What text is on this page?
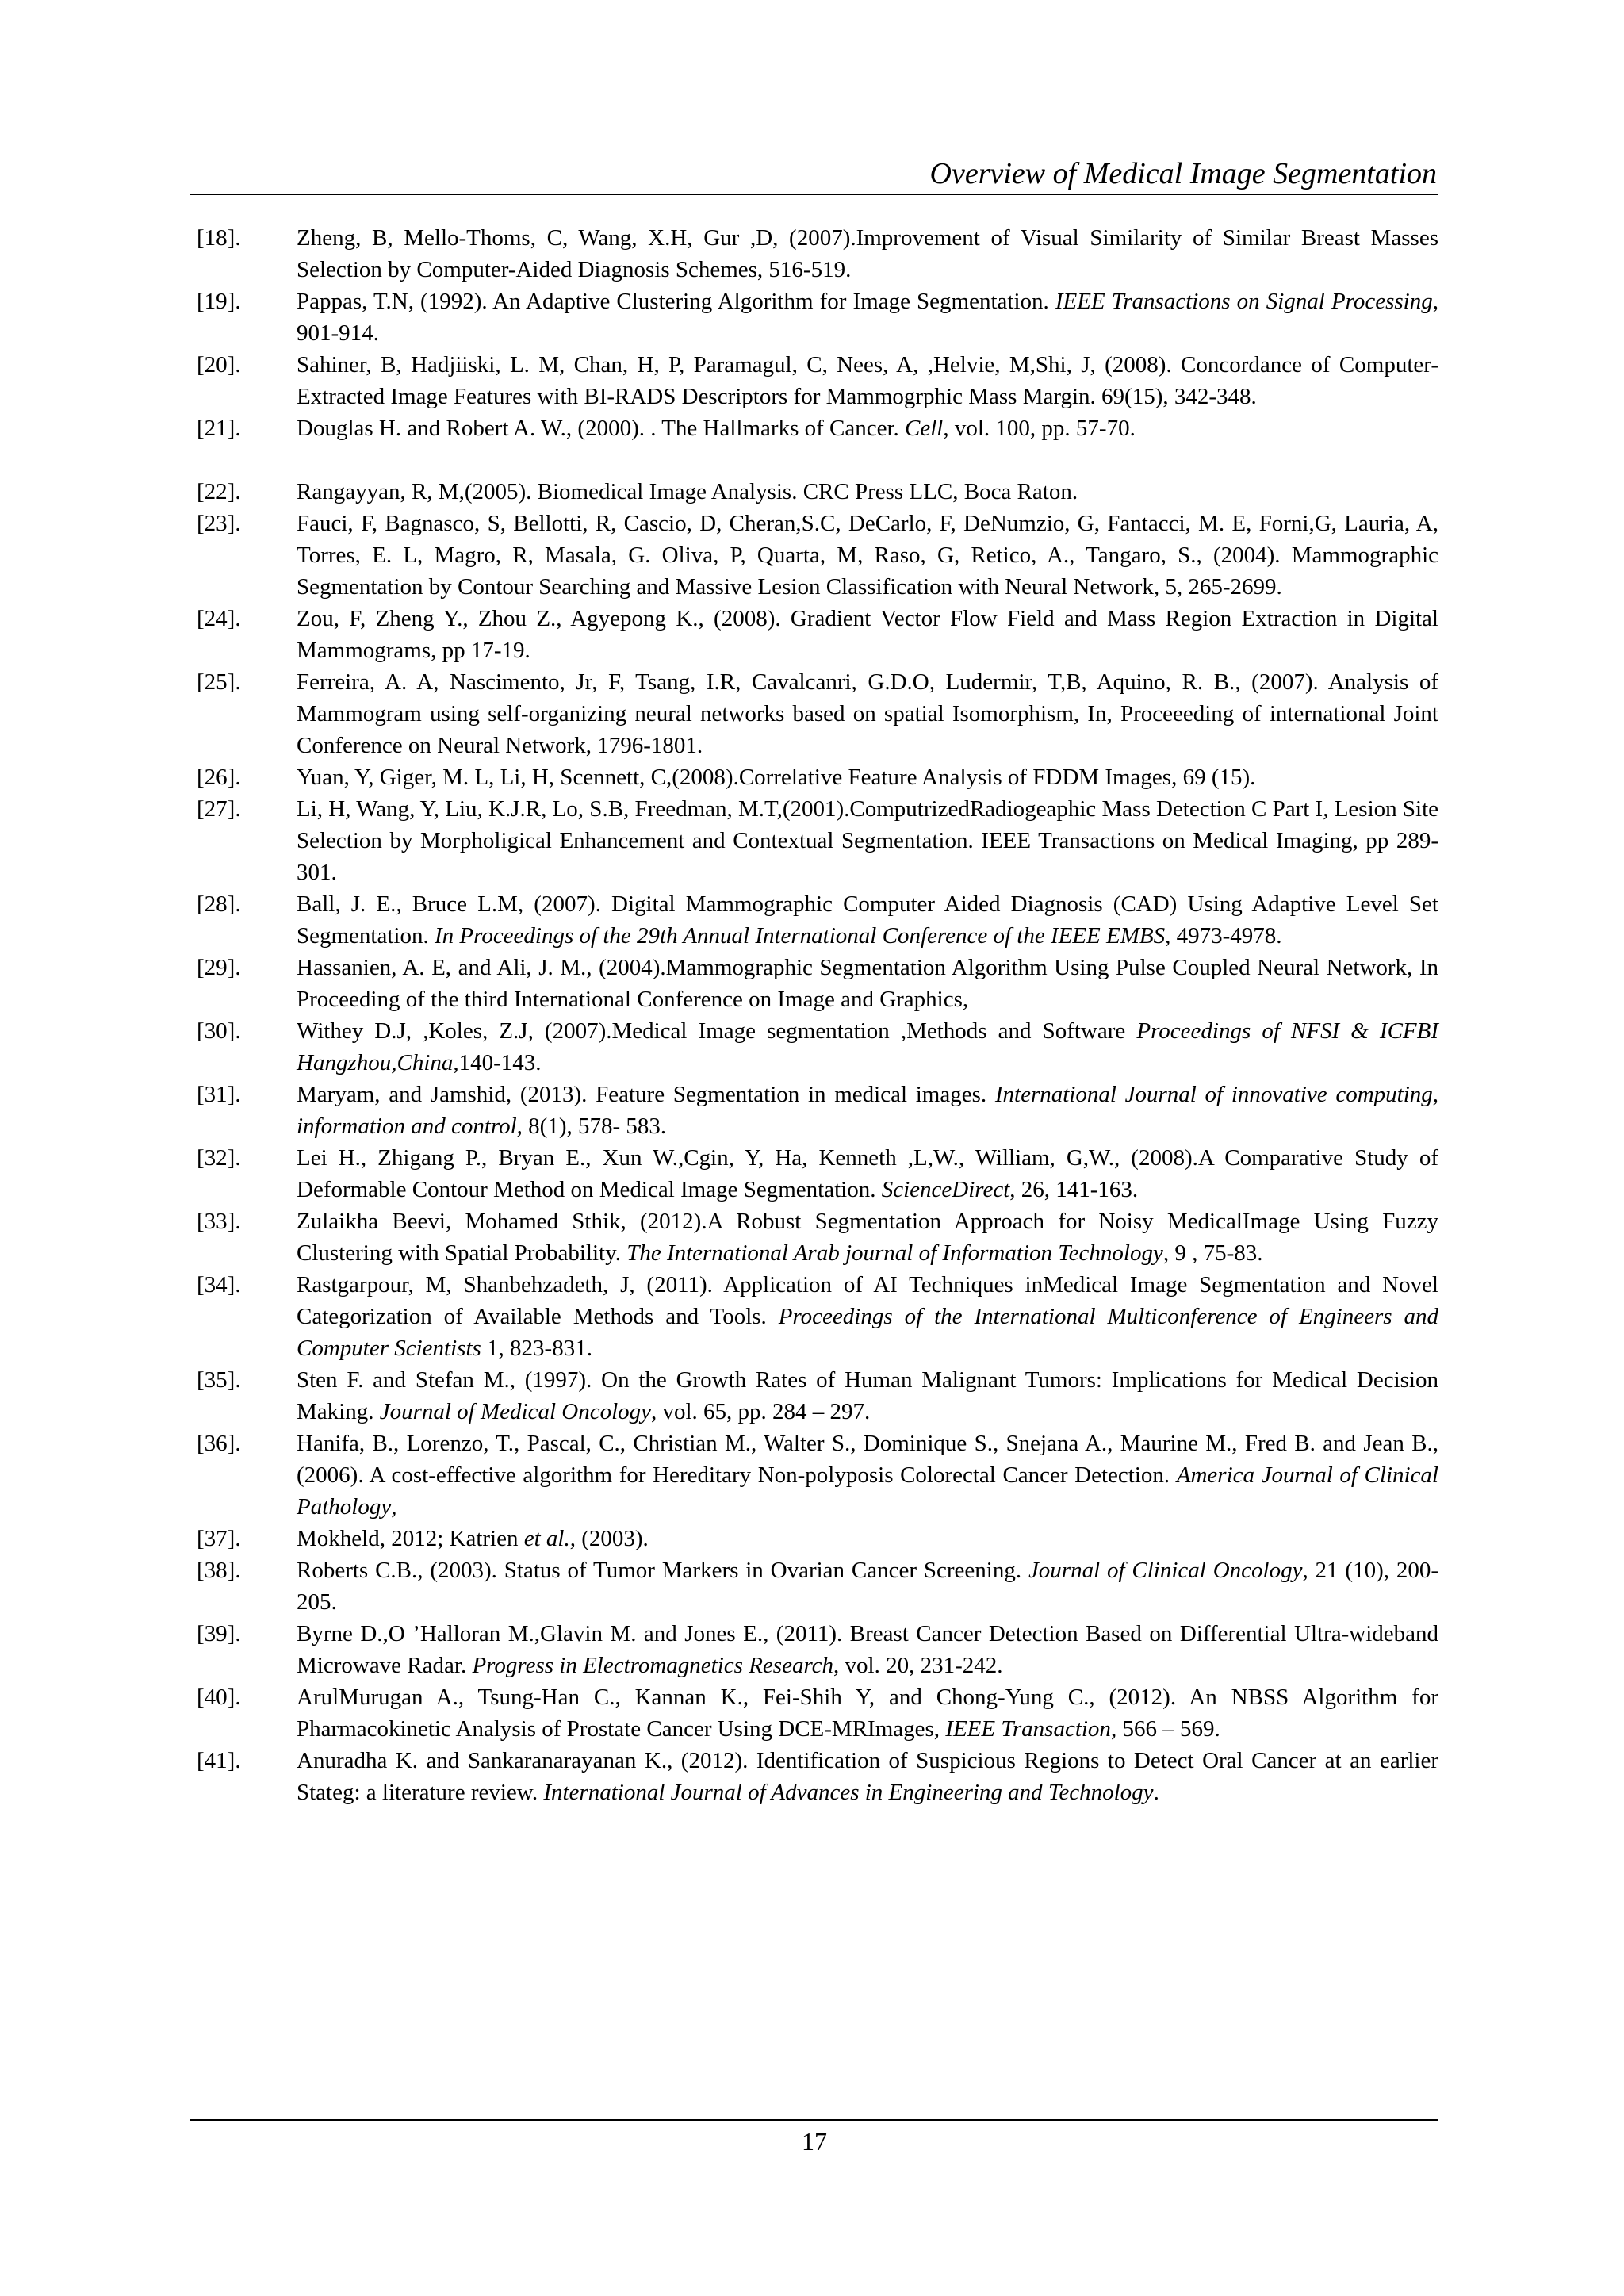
Overview of Medical Image Segmentation
[18].	Zheng, B, Mello-Thoms, C, Wang, X.H, Gur ,D, (2007).Improvement of Visual Similarity of Similar Breast Masses Selection by Computer-Aided Diagnosis Schemes, 516-519.
[19].	Pappas, T.N, (1992). An Adaptive Clustering Algorithm for Image Segmentation. IEEE Transactions on Signal Processing, 901-914.
[20].	Sahiner, B, Hadjiiski, L. M, Chan, H, P, Paramagul, C, Nees, A, ,Helvie, M,Shi, J, (2008). Concordance of Computer-Extracted Image Features with BI-RADS Descriptors for Mammogrphic Mass Margin. 69(15), 342-348.
[21].	Douglas H. and Robert A. W., (2000). . The Hallmarks of Cancer. Cell, vol. 100, pp. 57-70.
[22].	Rangayyan, R, M,(2005). Biomedical Image Analysis. CRC Press LLC, Boca Raton.
[23].	Fauci, F, Bagnasco, S, Bellotti, R, Cascio, D, Cheran,S.C, DeCarlo, F, DeNumzio, G, Fantacci, M. E, Forni,G, Lauria, A, Torres, E. L, Magro, R, Masala, G. Oliva, P, Quarta, M, Raso, G, Retico, A., Tangaro, S., (2004). Mammographic Segmentation by Contour Searching and Massive Lesion Classification with Neural Network, 5, 265-2699.
[24].	Zou, F, Zheng Y., Zhou Z., Agyepong K., (2008). Gradient Vector Flow Field and Mass Region Extraction in Digital Mammograms, pp 17-19.
[25].	Ferreira, A. A, Nascimento, Jr, F, Tsang, I.R, Cavalcanri, G.D.O, Ludermir, T,B, Aquino, R. B., (2007). Analysis of Mammogram using self-organizing neural networks based on spatial Isomorphism, In, Proceeeding of international Joint Conference on Neural Network, 1796-1801.
[26].	Yuan, Y, Giger, M. L, Li, H, Scennett, C,(2008).Correlative Feature Analysis of FDDM Images, 69 (15).
[27].	Li, H, Wang, Y, Liu, K.J.R, Lo, S.B, Freedman, M.T,(2001).ComputrizedRadiogeaphic Mass Detection C Part I, Lesion Site Selection by Morpholigical Enhancement and Contextual Segmentation. IEEE Transactions on Medical Imaging, pp 289-301.
[28].	Ball, J. E., Bruce L.M, (2007). Digital Mammographic Computer Aided Diagnosis (CAD) Using Adaptive Level Set Segmentation. In Proceedings of the 29th Annual International Conference of the IEEE EMBS, 4973-4978.
[29].	Hassanien, A. E, and Ali, J. M., (2004).Mammographic Segmentation Algorithm Using Pulse Coupled Neural Network, In Proceeding of the third International Conference on Image and Graphics,
[30].	Withey D.J, ,Koles, Z.J, (2007).Medical Image segmentation ,Methods and Software Proceedings of NFSI & ICFBI Hangzhou,China,140-143.
[31].	Maryam, and Jamshid, (2013). Feature Segmentation in medical images. International Journal of innovative computing, information and control, 8(1), 578- 583.
[32].	Lei H., Zhigang P., Bryan E., Xun W.,Cgin, Y, Ha, Kenneth ,L,W., William, G,W., (2008).A Comparative Study of Deformable Contour Method on Medical Image Segmentation. ScienceDirect, 26, 141-163.
[33].	Zulaikha Beevi, Mohamed Sthik, (2012).A Robust Segmentation Approach for Noisy MedicalImage Using Fuzzy Clustering with Spatial Probability. The International Arab journal of Information Technology, 9 , 75-83.
[34].	Rastgarpour, M, Shanbehzadeth, J, (2011). Application of AI Techniques inMedical Image Segmentation and Novel Categorization of Available Methods and Tools. Proceedings of the International Multiconference of Engineers and Computer Scientists 1, 823-831.
[35].	Sten F. and Stefan M., (1997). On the Growth Rates of Human Malignant Tumors: Implications for Medical Decision Making. Journal of Medical Oncology, vol. 65, pp. 284 – 297.
[36].	Hanifa, B., Lorenzo, T., Pascal, C., Christian M., Walter S., Dominique S., Snejana A., Maurine M., Fred B. and Jean B., (2006). A cost-effective algorithm for Hereditary Non-polyposis Colorectal Cancer Detection. America Journal of Clinical Pathology,
[37].	Mokheld, 2012; Katrien et al., (2003).
[38].	Roberts C.B., (2003). Status of Tumor Markers in Ovarian Cancer Screening. Journal of Clinical Oncology, 21 (10), 200-205.
[39].	Byrne D.,O ’Halloran M.,Glavin M. and Jones E., (2011). Breast Cancer Detection Based on Differential Ultra-wideband Microwave Radar. Progress in Electromagnetics Research, vol. 20, 231-242.
[40].	ArulMurugan A., Tsung-Han C., Kannan K., Fei-Shih Y, and Chong-Yung C., (2012). An NBSS Algorithm for Pharmacokinetic Analysis of Prostate Cancer Using DCE-MRImages, IEEE Transaction, 566 – 569.
[41].	Anuradha K. and Sankaranarayanan K., (2012). Identification of Suspicious Regions to Detect Oral Cancer at an earlier Stateg: a literature review. International Journal of Advances in Engineering and Technology.
17
